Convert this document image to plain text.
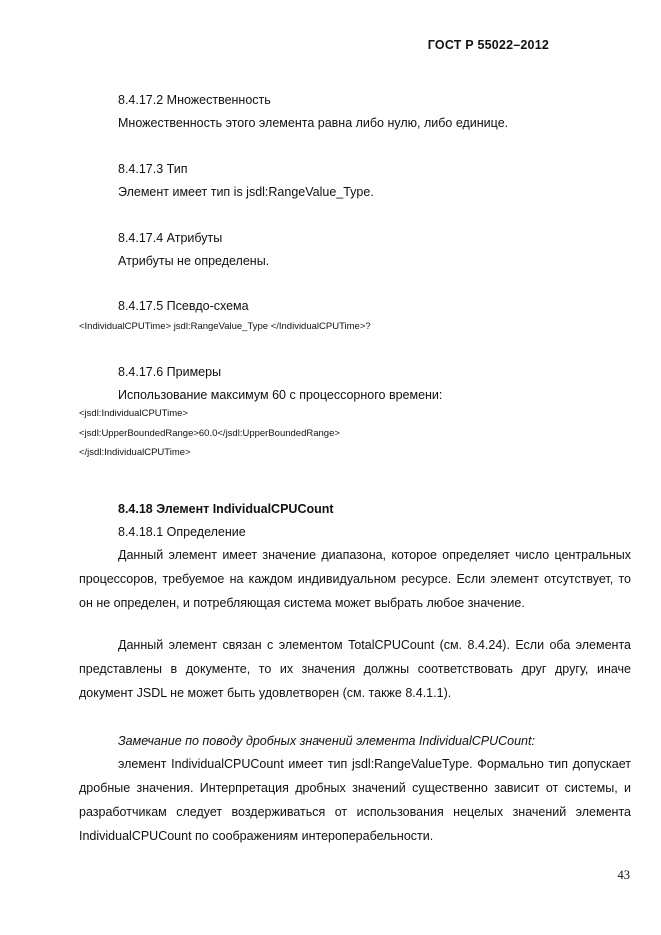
ГОСТ Р 55022–2012

8.4.17.2 Множественность

Множественность этого элемента равна либо нулю, либо единице.

8.4.17.3 Тип

Элемент имеет тип is jsdl:RangeValue_Type.

8.4.17.4 Атрибуты

Атрибуты не определены.

8.4.17.5 Псевдо-схема

<IndividualCPUTime> jsdl:RangeValue_Type </IndividualCPUTime>?

8.4.17.6 Примеры

Использование максимум 60 с процессорного времени:

<jsdl:IndividualCPUTime>

<jsdl:UpperBoundedRange>60.0</jsdl:UpperBoundedRange>

</jsdl:IndividualCPUTime>

8.4.18 Элемент IndividualCPUCount

8.4.18.1 Определение

Данный элемент имеет значение диапазона, которое определяет число центральных процессоров, требуемое на каждом индивидуальном ресурсе. Если элемент отсутствует, то он не определен, и потребляющая система может выбрать любое значение.

Данный элемент связан с элементом TotalCPUCount (см. 8.4.24). Если оба элемента представлены в документе, то их значения должны соответствовать друг другу, иначе документ JSDL не может быть удовлетворен (см. также 8.4.1.1).

Замечание по поводу дробных значений элемента IndividualCPUCount:

элемент IndividualCPUCount имеет тип jsdl:RangeValueType. Формально тип допускает дробные значения. Интерпретация дробных значений существенно зависит от системы, и разработчикам следует воздерживаться от использования нецелых значений элемента IndividualCPUCount по соображениям интероперабельности.

43
